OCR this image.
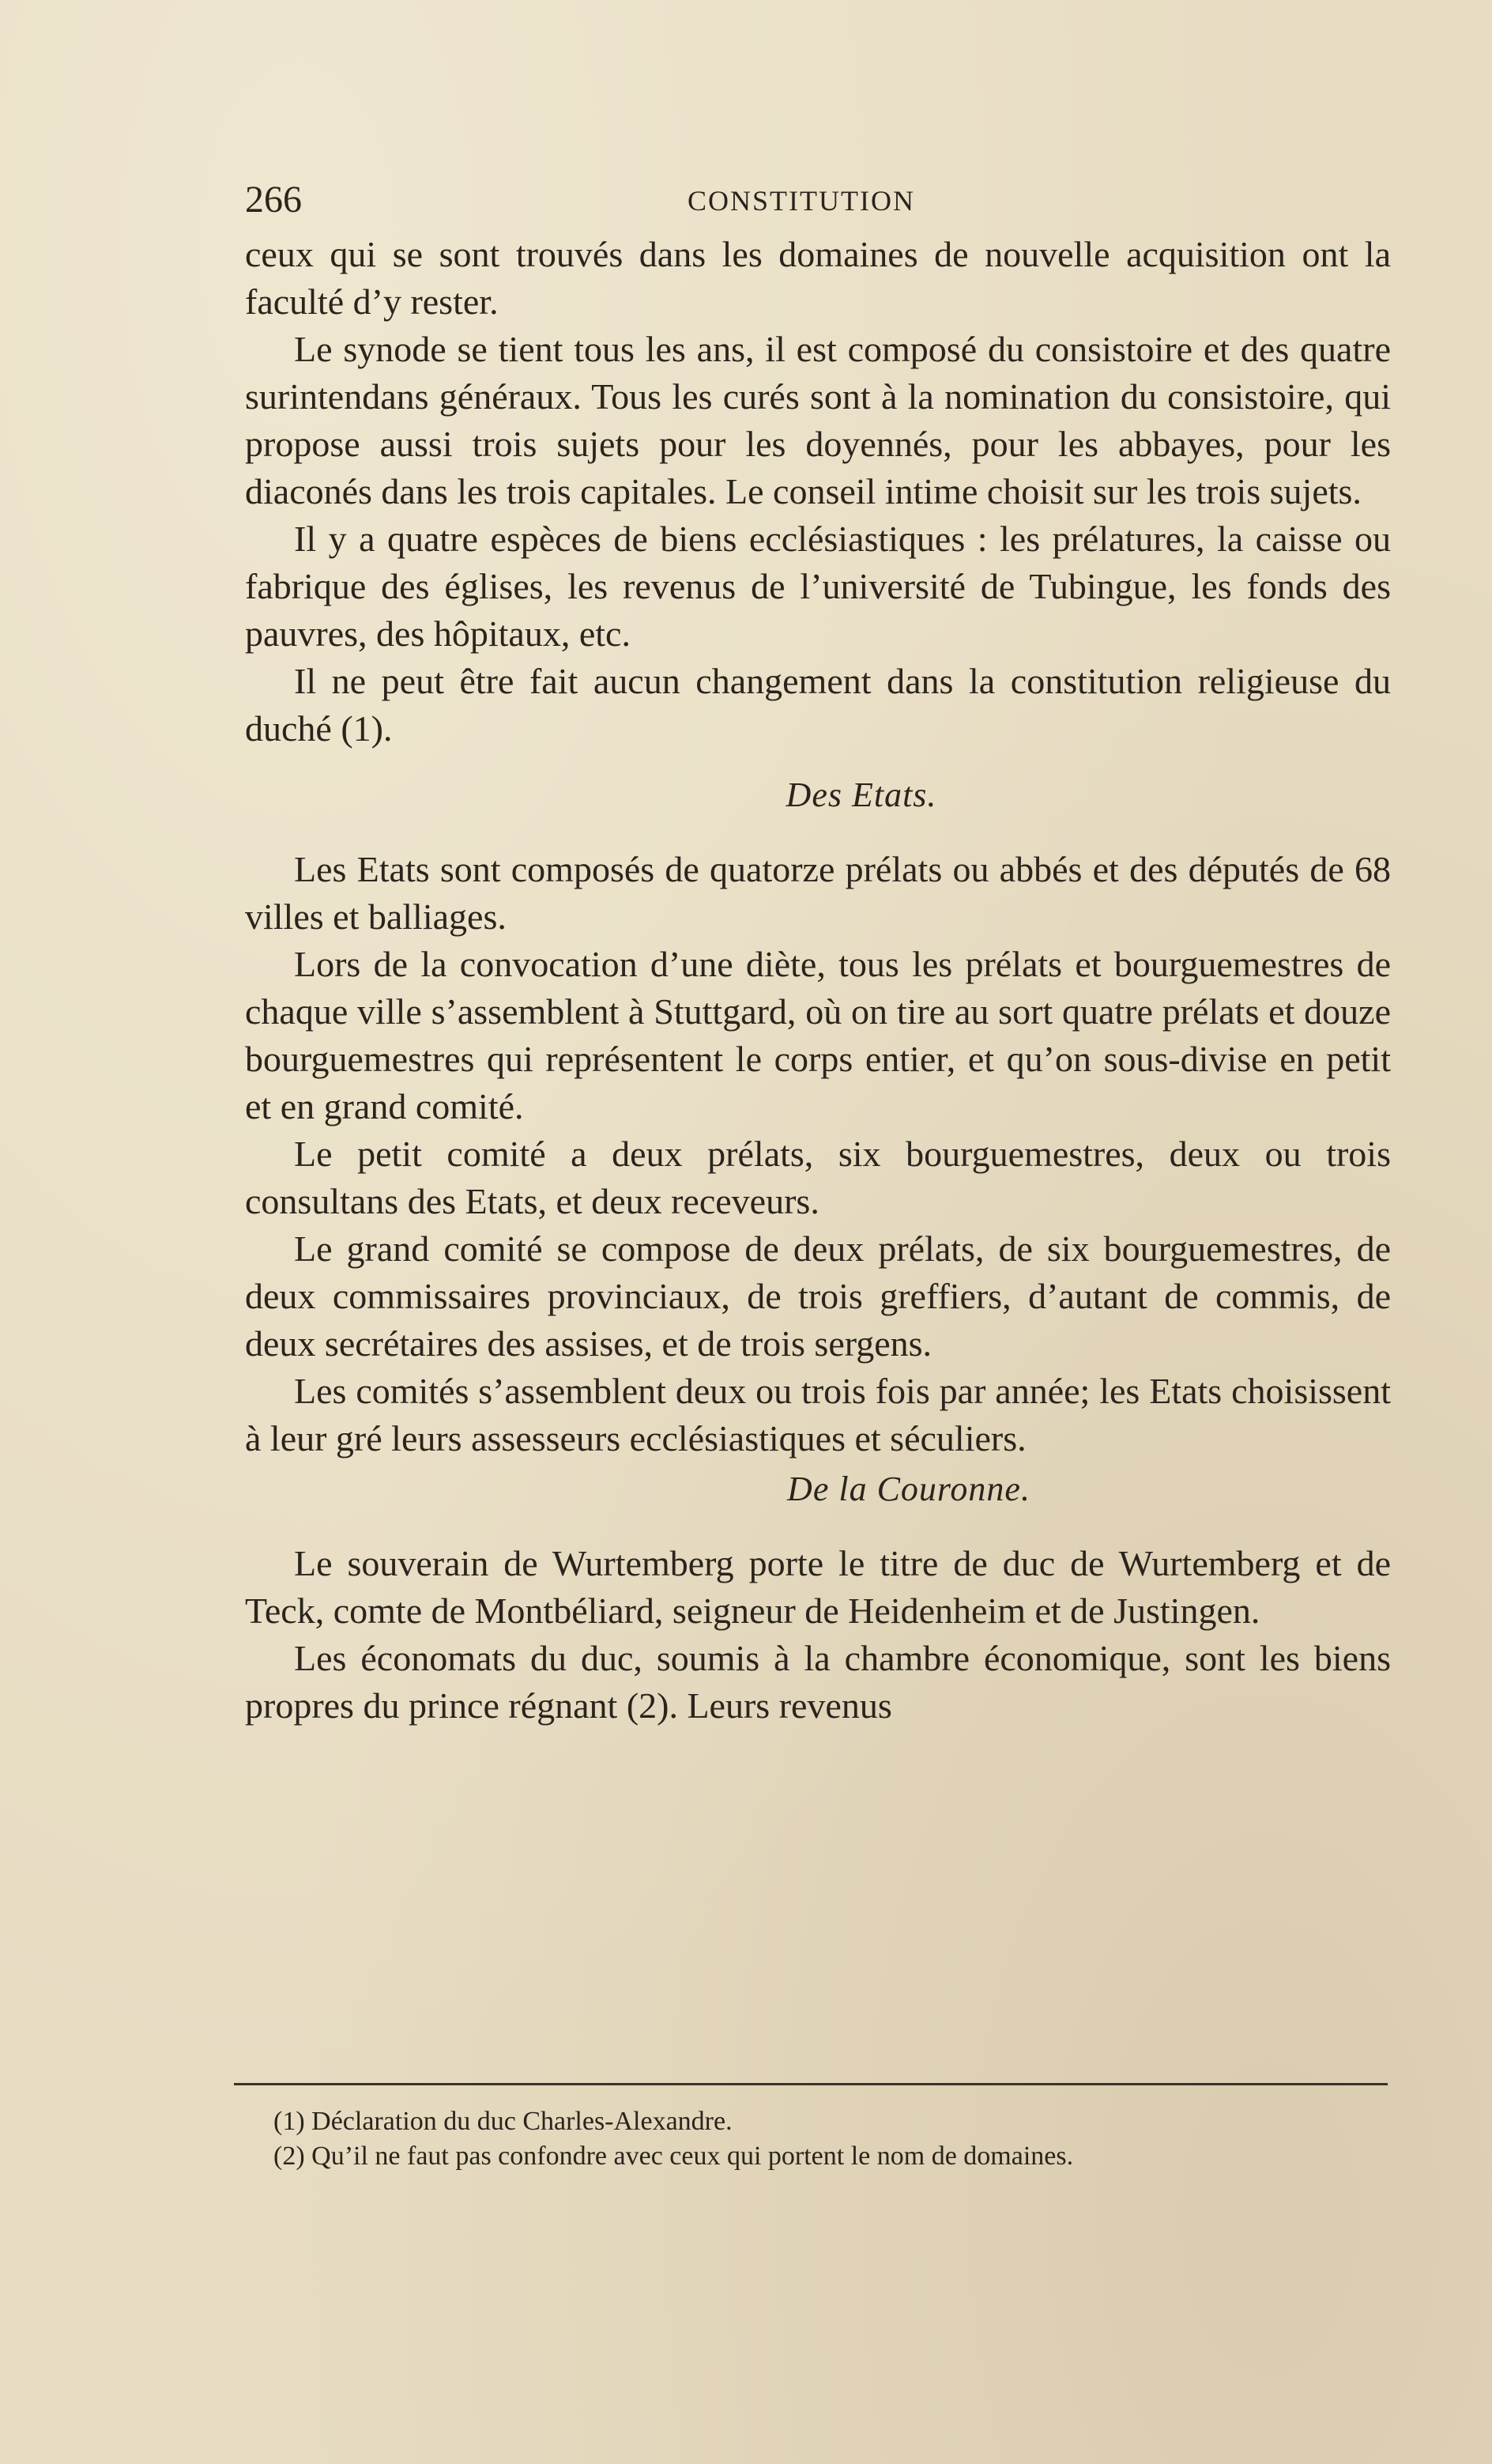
266	CONSTITUTION

ceux qui se sont trouvés dans les domaines de nouvelle acquisition ont la faculté d’y rester.

Le synode se tient tous les ans, il est composé du consistoire et des quatre surintendans généraux. Tous les curés sont à la nomination du consistoire, qui propose aussi trois sujets pour les doyennés, pour les abbayes, pour les diaconés dans les trois capitales. Le conseil intime choisit sur les trois sujets.

Il y a quatre espèces de biens ecclésiastiques : les prélatures, la caisse ou fabrique des églises, les revenus de l’université de Tubingue, les fonds des pauvres, des hôpitaux, etc.

Il ne peut être fait aucun changement dans la constitution religieuse du duché (1).

Des Etats.

Les Etats sont composés de quatorze prélats ou abbés et des députés de 68 villes et balliages.

Lors de la convocation d’une diète, tous les prélats et bourguemestres de chaque ville s’assemblent à Stuttgard, où on tire au sort quatre prélats et douze bourguemestres qui représentent le corps entier, et qu’on sous-divise en petit et en grand comité.

Le petit comité a deux prélats, six bourguemestres, deux ou trois consultans des Etats, et deux receveurs.

Le grand comité se compose de deux prélats, de six bourguemestres, de deux commissaires provinciaux, de trois greffiers, d’autant de commis, de deux secrétaires des assises, et de trois sergens.

Les comités s’assemblent deux ou trois fois par année; les Etats choisissent à leur gré leurs assesseurs ecclésiastiques et séculiers.

De la Couronne.

Le souverain de Wurtemberg porte le titre de duc de Wurtemberg et de Teck, comte de Montbéliard, seigneur de Heidenheim et de Justingen.

Les économats du duc, soumis à la chambre économique, sont les biens propres du prince régnant (2). Leurs revenus

(1) Déclaration du duc Charles-Alexandre.

(2) Qu’il ne faut pas confondre avec ceux qui portent le nom de domaines.
